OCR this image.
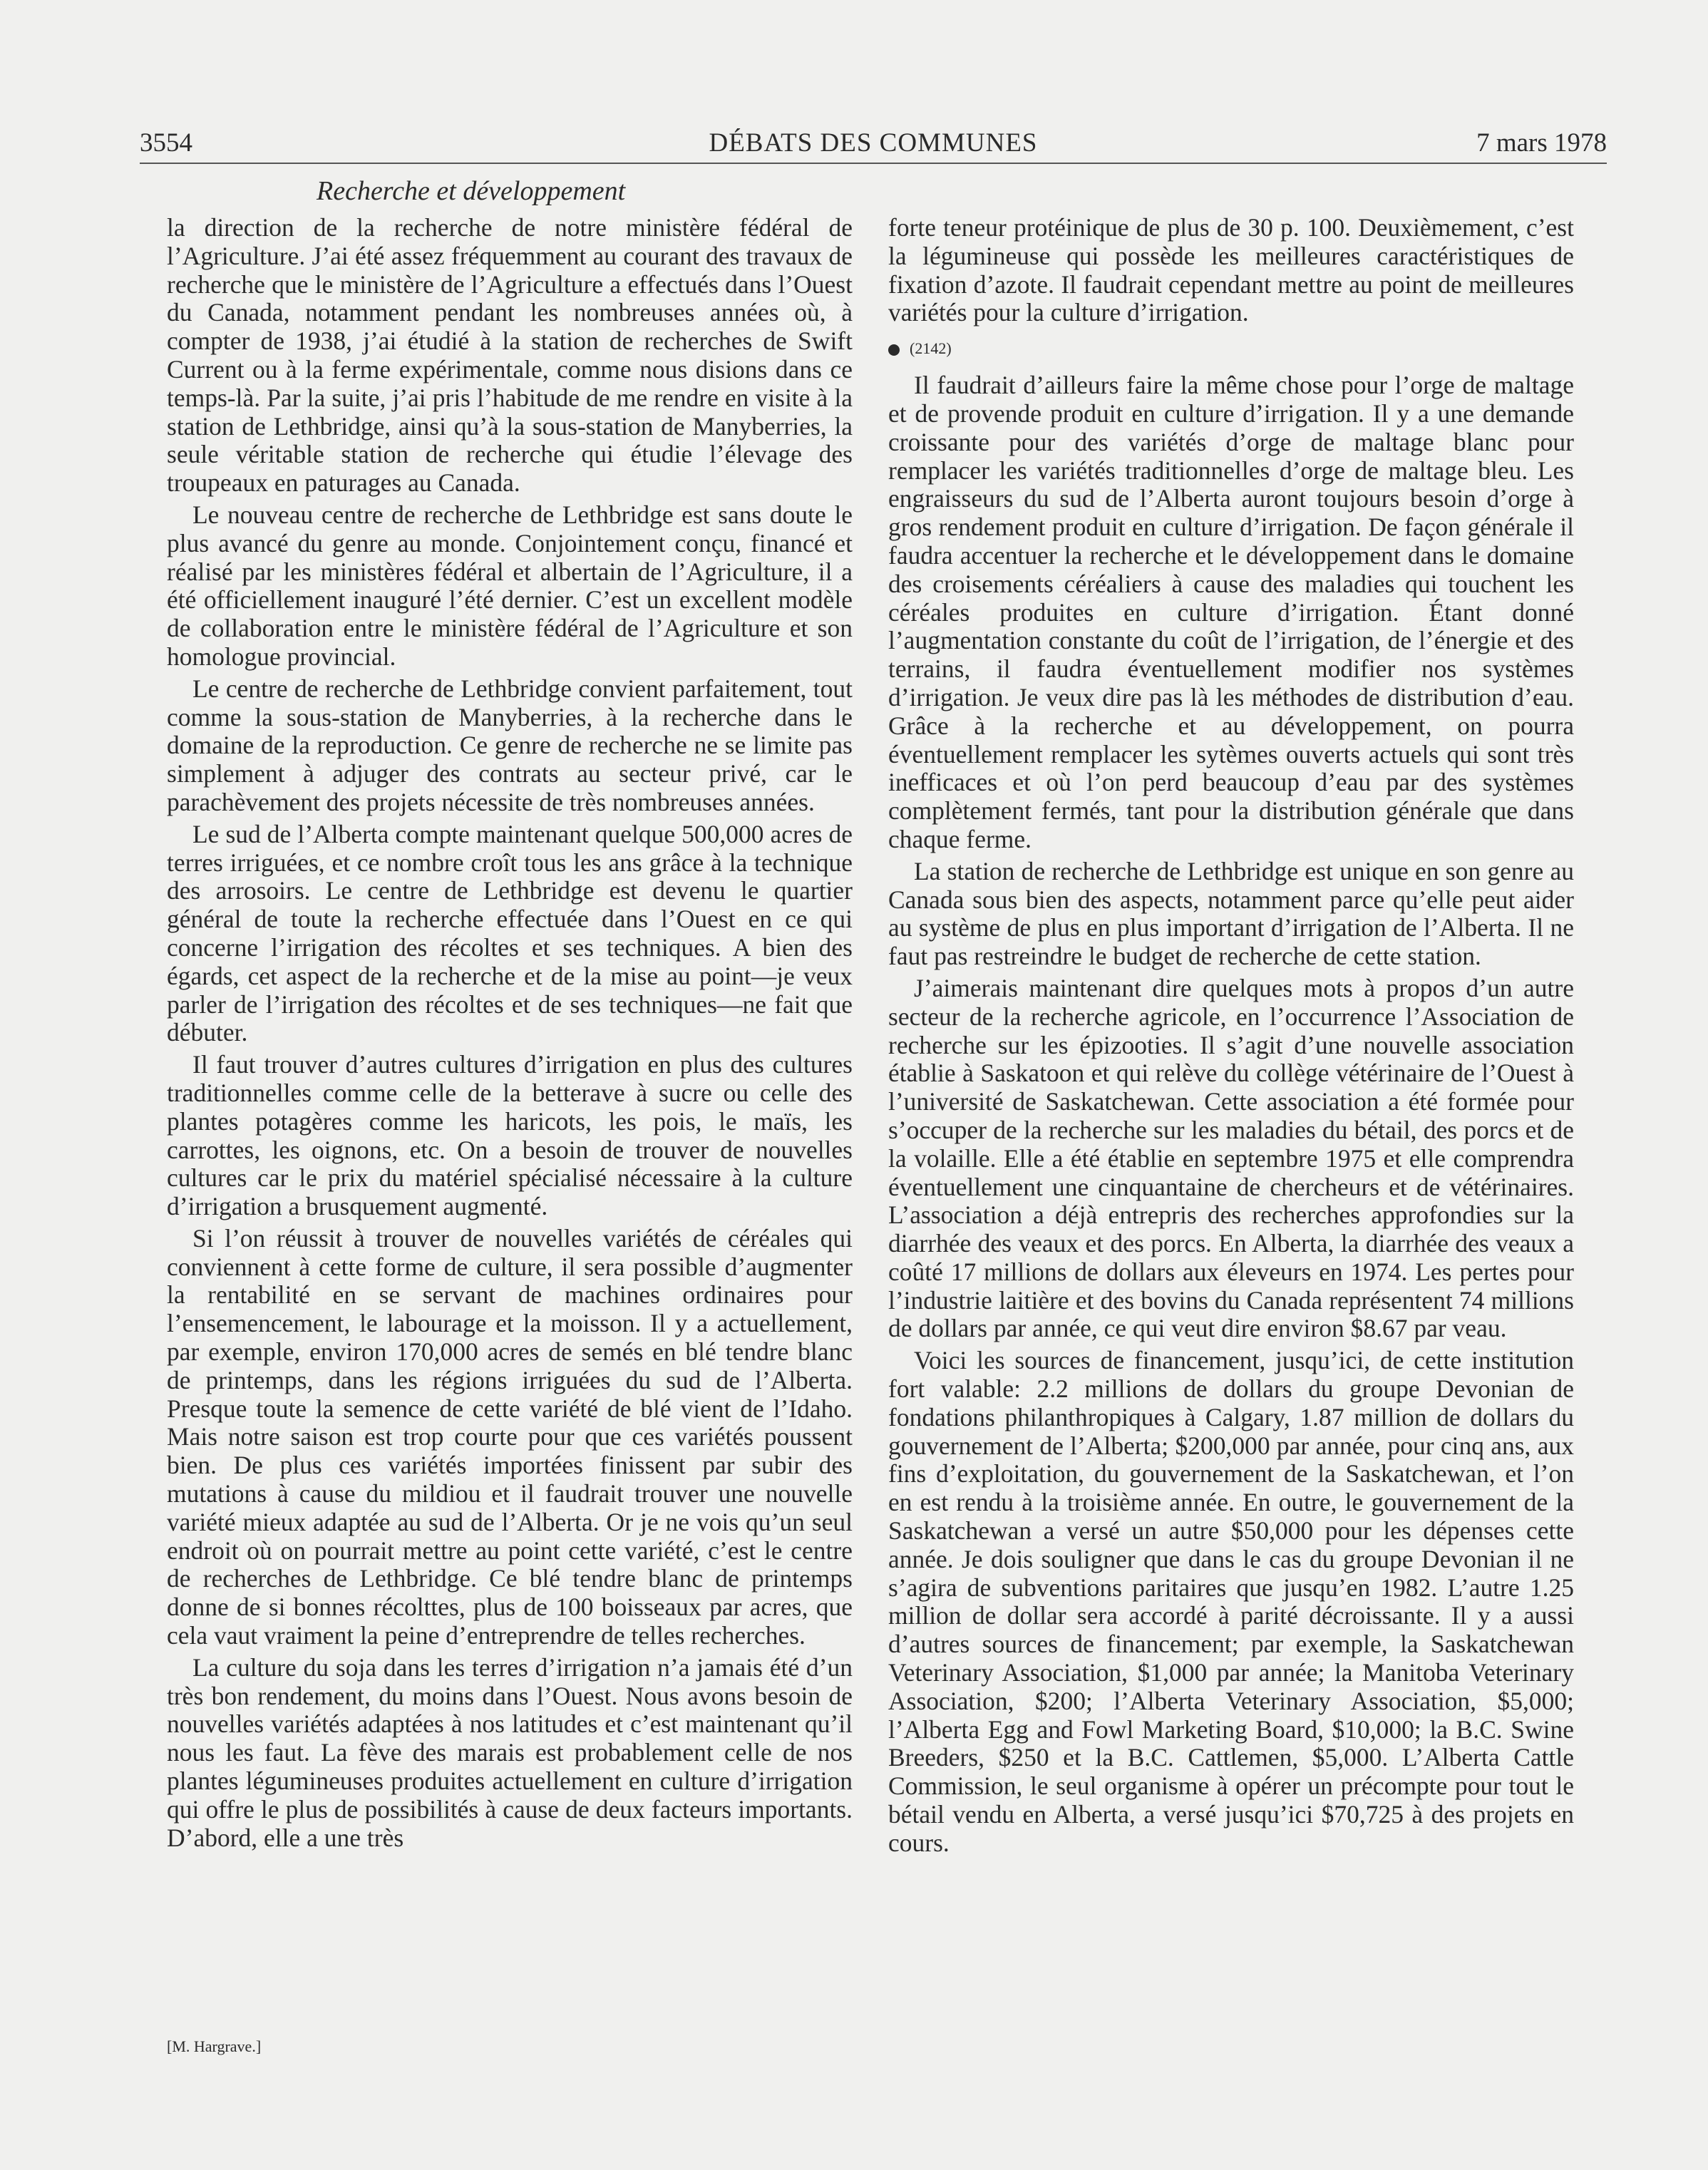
3554	DÉBATS DES COMMUNES	7 mars 1978
Recherche et développement

la direction de la recherche de notre ministère fédéral de l’Agriculture. J’ai été assez fréquemment au courant des travaux de recherche que le ministère de l’Agriculture a effectués dans l’Ouest du Canada, notamment pendant les nombreuses années où, à compter de 1938, j’ai étudié à la station de recherches de Swift Current ou à la ferme expérimentale, comme nous disions dans ce temps-là. Par la suite, j’ai pris l’habitude de me rendre en visite à la station de Lethbridge, ainsi qu’à la sous-station de Manyberries, la seule véritable station de recherche qui étudie l’élevage des troupeaux en paturages au Canada.

Le nouveau centre de recherche de Lethbridge est sans doute le plus avancé du genre au monde. Conjointement conçu, financé et réalisé par les ministères fédéral et albertain de l’Agriculture, il a été officiellement inauguré l’été dernier. C’est un excellent modèle de collaboration entre le ministère fédéral de l’Agriculture et son homologue provincial.

Le centre de recherche de Lethbridge convient parfaitement, tout comme la sous-station de Manyberries, à la recherche dans le domaine de la reproduction. Ce genre de recherche ne se limite pas simplement à adjuger des contrats au secteur privé, car le parachèvement des projets nécessite de très nombreuses années.

Le sud de l’Alberta compte maintenant quelque 500,000 acres de terres irriguées, et ce nombre croît tous les ans grâce à la technique des arrosoirs. Le centre de Lethbridge est devenu le quartier général de toute la recherche effectuée dans l’Ouest en ce qui concerne l’irrigation des récoltes et ses techniques. A bien des égards, cet aspect de la recherche et de la mise au point—je veux parler de l’irrigation des récoltes et de ses techniques—ne fait que débuter.

Il faut trouver d’autres cultures d’irrigation en plus des cultures traditionnelles comme celle de la betterave à sucre ou celle des plantes potagères comme les haricots, les pois, le maïs, les carrottes, les oignons, etc. On a besoin de trouver de nouvelles cultures car le prix du matériel spécialisé nécessaire à la culture d’irrigation a brusquement augmenté.

Si l’on réussit à trouver de nouvelles variétés de céréales qui conviennent à cette forme de culture, il sera possible d’augmenter la rentabilité en se servant de machines ordinaires pour l’ensemencement, le labourage et la moisson. Il y a actuellement, par exemple, environ 170,000 acres de semés en blé tendre blanc de printemps, dans les régions irriguées du sud de l’Alberta. Presque toute la semence de cette variété de blé vient de l’Idaho. Mais notre saison est trop courte pour que ces variétés poussent bien. De plus ces variétés importées finissent par subir des mutations à cause du mildiou et il faudrait trouver une nouvelle variété mieux adaptée au sud de l’Alberta. Or je ne vois qu’un seul endroit où on pourrait mettre au point cette variété, c’est le centre de recherches de Lethbridge. Ce blé tendre blanc de printemps donne de si bonnes récolttes, plus de 100 boisseaux par acres, que cela vaut vraiment la peine d’entreprendre de telles recherches.

La culture du soja dans les terres d’irrigation n’a jamais été d’un très bon rendement, du moins dans l’Ouest. Nous avons besoin de nouvelles variétés adaptées à nos latitudes et c’est maintenant qu’il nous les faut. La fève des marais est probablement celle de nos plantes légumineuses produites actuellement en culture d’irrigation qui offre le plus de possibilités à cause de deux facteurs importants. D’abord, elle a une très

[M. Hargrave.]

forte teneur protéinique de plus de 30 p. 100. Deuxièmement, c’est la légumineuse qui possède les meilleures caractéristiques de fixation d’azote. Il faudrait cependant mettre au point de meilleures variétés pour la culture d’irrigation.

(2142)

Il faudrait d’ailleurs faire la même chose pour l’orge de maltage et de provende produit en culture d’irrigation. Il y a une demande croissante pour des variétés d’orge de maltage blanc pour remplacer les variétés traditionnelles d’orge de maltage bleu. Les engraisseurs du sud de l’Alberta auront toujours besoin d’orge à gros rendement produit en culture d’irrigation. De façon générale il faudra accentuer la recherche et le développement dans le domaine des croisements céréaliers à cause des maladies qui touchent les céréales produites en culture d’irrigation. Étant donné l’augmentation constante du coût de l’irrigation, de l’énergie et des terrains, il faudra éventuellement modifier nos systèmes d’irrigation. Je veux dire pas là les méthodes de distribution d’eau. Grâce à la recherche et au développement, on pourra éventuellement remplacer les sytèmes ouverts actuels qui sont très inefficaces et où l’on perd beaucoup d’eau par des systèmes complètement fermés, tant pour la distribution générale que dans chaque ferme.

La station de recherche de Lethbridge est unique en son genre au Canada sous bien des aspects, notamment parce qu’elle peut aider au système de plus en plus important d’irrigation de l’Alberta. Il ne faut pas restreindre le budget de recherche de cette station.

J’aimerais maintenant dire quelques mots à propos d’un autre secteur de la recherche agricole, en l’occurrence l’Association de recherche sur les épizooties. Il s’agit d’une nouvelle association établie à Saskatoon et qui relève du collège vétérinaire de l’Ouest à l’université de Saskatchewan. Cette association a été formée pour s’occuper de la recherche sur les maladies du bétail, des porcs et de la volaille. Elle a été établie en septembre 1975 et elle comprendra éventuellement une cinquantaine de chercheurs et de vétérinaires. L’association a déjà entrepris des recherches approfondies sur la diarrhée des veaux et des porcs. En Alberta, la diarrhée des veaux a coûté 17 millions de dollars aux éleveurs en 1974. Les pertes pour l’industrie laitière et des bovins du Canada représentent 74 millions de dollars par année, ce qui veut dire environ $8.67 par veau.

Voici les sources de financement, jusqu’ici, de cette institution fort valable: 2.2 millions de dollars du groupe Devonian de fondations philanthropiques à Calgary, 1.87 million de dollars du gouvernement de l’Alberta; $200,000 par année, pour cinq ans, aux fins d’exploitation, du gouvernement de la Saskatchewan, et l’on en est rendu à la troisième année. En outre, le gouvernement de la Saskatchewan a versé un autre $50,000 pour les dépenses cette année. Je dois souligner que dans le cas du groupe Devonian il ne s’agira de subventions paritaires que jusqu’en 1982. L’autre 1.25 million de dollar sera accordé à parité décroissante. Il y a aussi d’autres sources de financement; par exemple, la Saskatchewan Veterinary Association, $1,000 par année; la Manitoba Veterinary Association, $200; l’Alberta Veterinary Association, $5,000; l’Alberta Egg and Fowl Marketing Board, $10,000; la B.C. Swine Breeders, $250 et la B.C. Cattlemen, $5,000. L’Alberta Cattle Commission, le seul organisme à opérer un précompte pour tout le bétail vendu en Alberta, a versé jusqu’ici $70,725 à des projets en cours.
